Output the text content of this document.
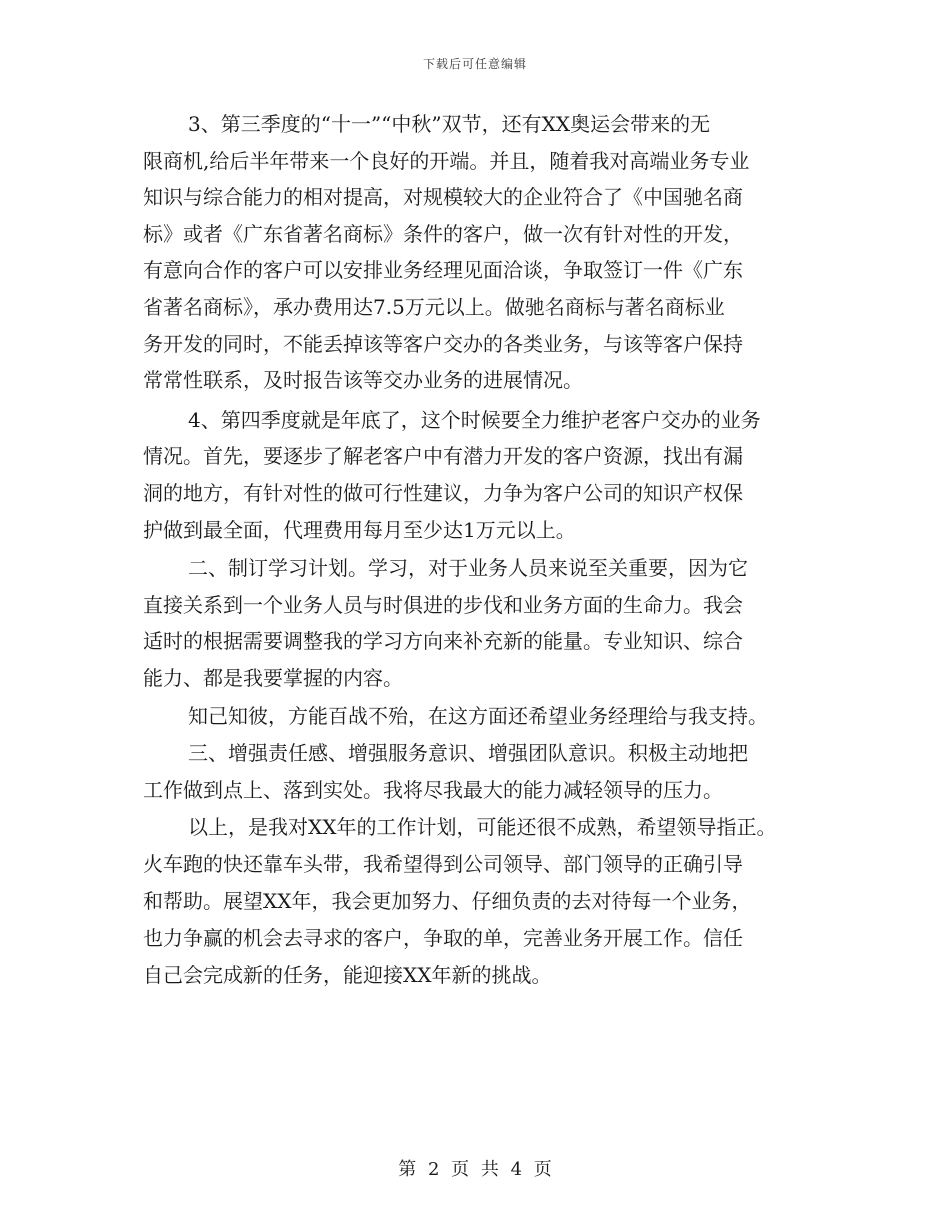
下载后可任意编辑
3、第三季度的“十一”“中秋”双节，还有XX奥运会带来的无
限商机,给后半年带来一个良好的开端。并且，随着我对高端业务专业
知识与综合能力的相对提高，对规模较大的企业符合了《中国驰名商
标》或者《广东省著名商标》条件的客户，做一次有针对性的开发，
有意向合作的客户可以安排业务经理见面洽谈，争取签订一件《广东
省著名商标》，承办费用达7.5万元以上。做驰名商标与著名商标业
务开发的同时，不能丢掉该等客户交办的各类业务，与该等客户保持
常常性联系，及时报告该等交办业务的进展情况。
4、第四季度就是年底了，这个时候要全力维护老客户交办的业务
情况。首先，要逐步了解老客户中有潜力开发的客户资源，找出有漏
洞的地方，有针对性的做可行性建议，力争为客户公司的知识产权保
护做到最全面，代理费用每月至少达1万元以上。
二、制订学习计划。学习，对于业务人员来说至关重要，因为它
直接关系到一个业务人员与时俱进的步伐和业务方面的生命力。我会
适时的根据需要调整我的学习方向来补充新的能量。专业知识、综合
能力、都是我要掌握的内容。
知己知彼，方能百战不殆，在这方面还希望业务经理给与我支持。
三、增强责任感、增强服务意识、增强团队意识。积极主动地把
工作做到点上、落到实处。我将尽我最大的能力减轻领导的压力。
以上，是我对XX年的工作计划，可能还很不成熟，希望领导指正。
火车跑的快还靠车头带，我希望得到公司领导、部门领导的正确引导
和帮助。展望XX年，我会更加努力、仔细负责的去对待每一个业务，
也力争赢的机会去寻求的客户，争取的单，完善业务开展工作。信任
自己会完成新的任务，能迎接XX年新的挑战。
第 2 页 共 4 页
